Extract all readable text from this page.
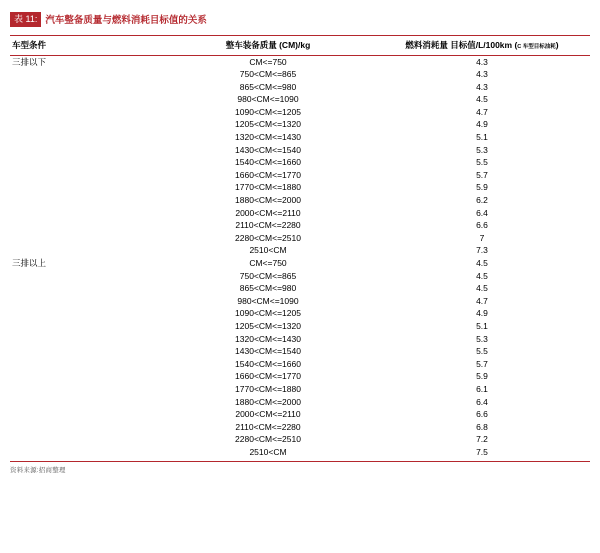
表 11: 汽车整备质量与燃料消耗目标值的关系
车型条件	整车装备质量 (CM)/kg	燃料消耗量 目标值/L/100km (C 车型目标油耗)
三排以下	CM<=750	4.3
	750<CM<=865	4.3
	865<CM<=980	4.3
	980<CM<=1090	4.5
	1090<CM<=1205	4.7
	1205<CM<=1320	4.9
	1320<CM<=1430	5.1
	1430<CM<=1540	5.3
	1540<CM<=1660	5.5
	1660<CM<=1770	5.7
	1770<CM<=1880	5.9
	1880<CM<=2000	6.2
	2000<CM<=2110	6.4
	2110<CM<=2280	6.6
	2280<CM<=2510	7
	2510<CM	7.3
三排以上	CM<=750	4.5
	750<CM<=865	4.5
	865<CM<=980	4.5
	980<CM<=1090	4.7
	1090<CM<=1205	4.9
	1205<CM<=1320	5.1
	1320<CM<=1430	5.3
	1430<CM<=1540	5.5
	1540<CM<=1660	5.7
	1660<CM<=1770	5.9
	1770<CM<=1880	6.1
	1880<CM<=2000	6.4
	2000<CM<=2110	6.6
	2110<CM<=2280	6.8
	2280<CM<=2510	7.2
	2510<CM	7.5
资料来源:招商整理
